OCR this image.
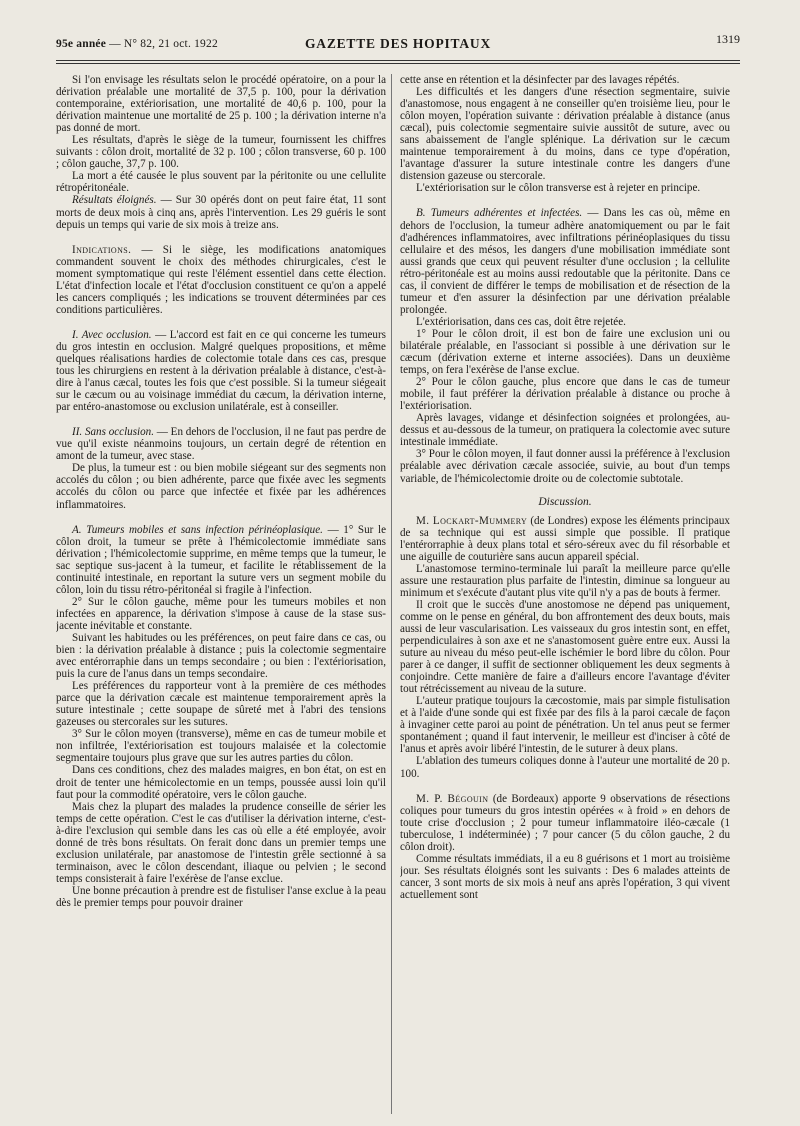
95e année — N° 82, 21 oct. 1922	GAZETTE DES HOPITAUX	1319

Si l'on envisage les résultats selon le procédé opératoire, on a pour la dérivation préalable une mortalité de 37,5 p. 100, pour la dérivation contemporaine, extériorisation, une mortalité de 40,6 p. 100, pour la dérivation maintenue une mortalité de 25 p. 100 ; la dérivation interne n'a pas donné de mort.

Les résultats, d'après le siège de la tumeur, fournissent les chiffres suivants : côlon droit, mortalité de 32 p. 100 ; côlon transverse, 60 p. 100 ; côlon gauche, 37,7 p. 100.

La mort a été causée le plus souvent par la péritonite ou une cellulite rétropéritonéale.

Résultats éloignés. — Sur 30 opérés dont on peut faire état, 11 sont morts de deux mois à cinq ans, après l'intervention. Les 29 guéris le sont depuis un temps qui varie de six mois à treize ans.

Indications. — Si le siège, les modifications anatomiques commandent souvent le choix des méthodes chirurgicales, c'est le moment symptomatique qui reste l'élément essentiel dans cette élection. L'état d'infection locale et l'état d'occlusion constituent ce qu'on a appelé les cancers compliqués ; les indications se trouvent déterminées par ces conditions particulières.

I. Avec occlusion. — L'accord est fait en ce qui concerne les tumeurs du gros intestin en occlusion. Malgré quelques propositions, et même quelques réalisations hardies de colectomie totale dans ces cas, presque tous les chirurgiens en restent à la dérivation préalable à distance, c'est-à-dire à l'anus cæcal, toutes les fois que c'est possible. Si la tumeur siégeait sur le cæcum ou au voisinage immédiat du cæcum, la dérivation interne, par entéro-anastomose ou exclusion unilatérale, est à conseiller.

II. Sans occlusion. — En dehors de l'occlusion, il ne faut pas perdre de vue qu'il existe néanmoins toujours, un certain degré de rétention en amont de la tumeur, avec stase.

De plus, la tumeur est : ou bien mobile siégeant sur des segments non accolés du côlon ; ou bien adhérente, parce que fixée avec les segments accolés du côlon ou parce que infectée et fixée par les adhérences inflammatoires.

A. Tumeurs mobiles et sans infection périnéoplasique. — 1° Sur le côlon droit, la tumeur se prête à l'hémicolectomie immédiate sans dérivation ; l'hémicolectomie supprime, en même temps que la tumeur, le sac septique sus-jacent à la tumeur, et facilite le rétablissement de la continuité intestinale, en reportant la suture vers un segment mobile du côlon, loin du tissu rétro-péritonéal si fragile à l'infection.

2° Sur le côlon gauche, même pour les tumeurs mobiles et non infectées en apparence, la dérivation s'impose à cause de la stase sus-jacente inévitable et constante.

Suivant les habitudes ou les préférences, on peut faire dans ce cas, ou bien : la dérivation préalable à distance ; puis la colectomie segmentaire avec entérorraphie dans un temps secondaire ; ou bien : l'extériorisation, puis la cure de l'anus dans un temps secondaire.

Les préférences du rapporteur vont à la première de ces méthodes parce que la dérivation cæcale est maintenue temporairement après la suture intestinale ; cette soupape de sûreté met à l'abri des tensions gazeuses ou stercorales sur les sutures.

3° Sur le côlon moyen (transverse), même en cas de tumeur mobile et non infiltrée, l'extériorisation est toujours malaisée et la colectomie segmentaire toujours plus grave que sur les autres parties du côlon.

Dans ces conditions, chez des malades maigres, en bon état, on est en droit de tenter une hémicolectomie en un temps, poussée aussi loin qu'il faut pour la commodité opératoire, vers le côlon gauche.

Mais chez la plupart des malades la prudence conseille de sérier les temps de cette opération. C'est le cas d'utiliser la dérivation interne, c'est-à-dire l'exclusion qui semble dans les cas où elle a été employée, avoir donné de très bons résultats. On ferait donc dans un premier temps une exclusion unilatérale, par anastomose de l'intestin grêle sectionné à sa terminaison, avec le côlon descendant, iliaque ou pelvien ; le second temps consisterait à faire l'exérèse de l'anse exclue.

Une bonne précaution à prendre est de fistuliser l'anse exclue à la peau dès le premier temps pour pouvoir drainer

cette anse en rétention et la désinfecter par des lavages répétés.

Les difficultés et les dangers d'une résection segmentaire, suivie d'anastomose, nous engagent à ne conseiller qu'en troisième lieu, pour le côlon moyen, l'opération suivante : dérivation préalable à distance (anus cæcal), puis colectomie segmentaire suivie aussitôt de suture, avec ou sans abaissement de l'angle splénique. La dérivation sur le cæcum maintenue temporairement à du moins, dans ce type d'opération, l'avantage d'assurer la suture intestinale contre les dangers d'une distension gazeuse ou stercorale.

L'extériorisation sur le côlon transverse est à rejeter en principe.

B. Tumeurs adhérentes et infectées. — Dans les cas où, même en dehors de l'occlusion, la tumeur adhère anatomiquement ou par le fait d'adhérences inflammatoires, avec infiltrations périnéoplasiques du tissu cellulaire et des mésos, les dangers d'une mobilisation immédiate sont aussi grands que ceux qui peuvent résulter d'une occlusion ; la cellulite rétro-péritonéale est au moins aussi redoutable que la péritonite. Dans ce cas, il convient de différer le temps de mobilisation et de résection de la tumeur et d'en assurer la désinfection par une dérivation préalable prolongée.

L'extériorisation, dans ces cas, doit être rejetée.

1° Pour le côlon droit, il est bon de faire une exclusion uni ou bilatérale préalable, en l'associant si possible à une dérivation sur le cæcum (dérivation externe et interne associées). Dans un deuxième temps, on fera l'exérèse de l'anse exclue.

2° Pour le côlon gauche, plus encore que dans le cas de tumeur mobile, il faut préférer la dérivation préalable à distance ou proche à l'extériorisation.

Après lavages, vidange et désinfection soignées et prolongées, au-dessus et au-dessous de la tumeur, on pratiquera la colectomie avec suture intestinale immédiate.

3° Pour le côlon moyen, il faut donner aussi la préférence à l'exclusion préalable avec dérivation cæcale associée, suivie, au bout d'un temps variable, de l'hémicolectomie droite ou de colectomie subtotale.

Discussion.

M. Lockart-Mummery (de Londres) expose les éléments principaux de sa technique qui est aussi simple que possible. Il pratique l'entérorraphie à deux plans total et séro-séreux avec du fil résorbable et une aiguille de couturière sans aucun appareil spécial.

L'anastomose termino-terminale lui paraît la meilleure parce qu'elle assure une restauration plus parfaite de l'intestin, diminue sa longueur au minimum et s'exécute d'autant plus vite qu'il n'y a pas de bouts à fermer.

Il croit que le succès d'une anostomose ne dépend pas uniquement, comme on le pense en général, du bon affrontement des deux bouts, mais aussi de leur vascularisation. Les vaisseaux du gros intestin sont, en effet, perpendiculaires à son axe et ne s'anastomosent guère entre eux. Aussi la suture au niveau du méso peut-elle ischémier le bord libre du côlon. Pour parer à ce danger, il suffit de sectionner obliquement les deux segments à conjoindre. Cette manière de faire a d'ailleurs encore l'avantage d'éviter tout rétrécissement au niveau de la suture.

L'auteur pratique toujours la cæcostomie, mais par simple fistulisation et à l'aide d'une sonde qui est fixée par des fils à la paroi cæcale de façon à invaginer cette paroi au point de pénétration. Un tel anus peut se fermer spontanément ; quand il faut intervenir, le meilleur est d'inciser à côté de l'anus et après avoir libéré l'intestin, de le suturer à deux plans.

L'ablation des tumeurs coliques donne à l'auteur une mortalité de 20 p. 100.

M. P. Bégouin (de Bordeaux) apporte 9 observations de résections coliques pour tumeurs du gros intestin opérées « à froid » en dehors de toute crise d'occlusion ; 2 pour tumeur inflammatoire iléo-cæcale (1 tuberculose, 1 indéterminée) ; 7 pour cancer (5 du côlon gauche, 2 du côlon droit).

Comme résultats immédiats, il a eu 8 guérisons et 1 mort au troisième jour. Ses résultats éloignés sont les suivants : Des 6 malades atteints de cancer, 3 sont morts de six mois à neuf ans après l'opération, 3 qui vivent actuellement sont
